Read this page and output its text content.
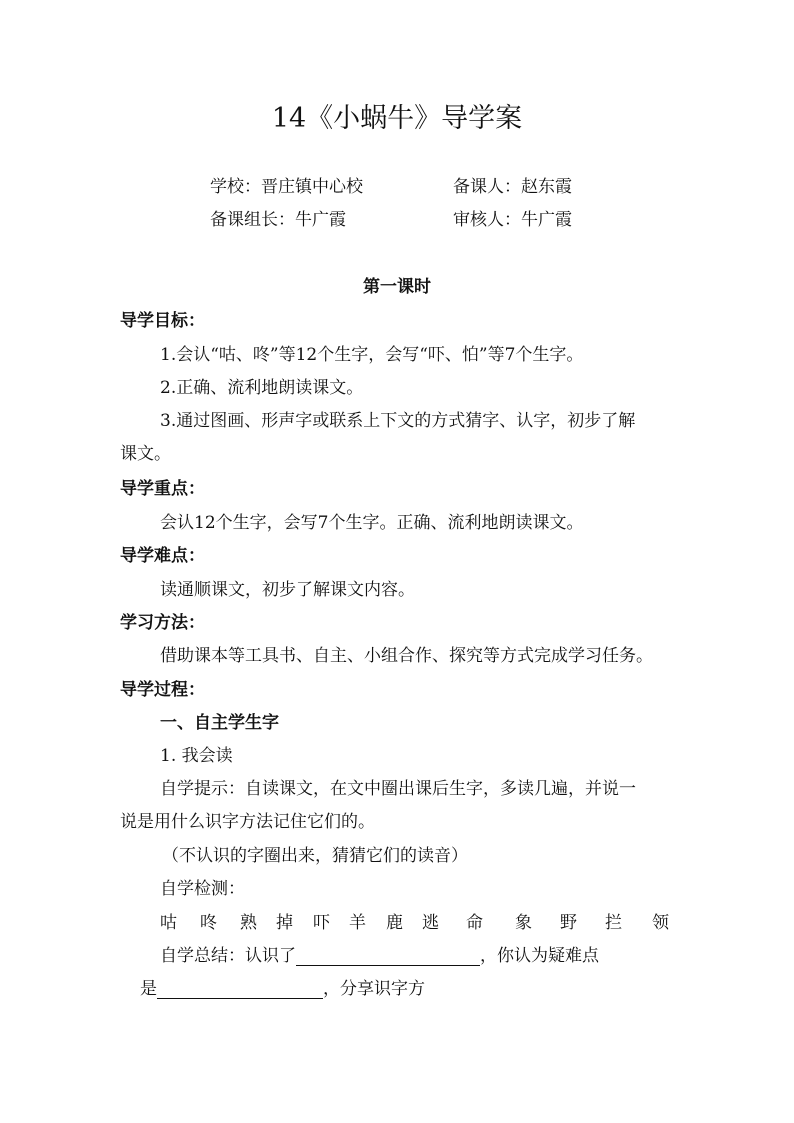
14《小蜗牛》导学案
学校：晋庄镇中心校	备课人：赵东霞
备课组长：牛广霞	审核人：牛广霞
第一课时
导学目标：
1.会认“咕、咚”等12个生字，会写“吓、怕”等7个生字。
2.正确、流利地朗读课文。
3.通过图画、形声字或联系上下文的方式猜字、认字，初步了解
课文。
导学重点：
会认12个生字，会写7个生字。正确、流利地朗读课文。
导学难点：
读通顺课文，初步了解课文内容。
学习方法：
借助课本等工具书、自主、小组合作、探究等方式完成学习任务。
导学过程：
一、自主学生字
1. 我会读
自学提示：自读课文，在文中圈出课后生字，多读几遍，并说一
说是用什么识字方法记住它们的。
（不认识的字圈出来，猜猜它们的读音）
自学检测：
咕 咚 熟 掉 吓 羊 鹿 逃 命 象 野 拦 领
自学总结：认识了	，你认为疑难点
是	，分享识字方
